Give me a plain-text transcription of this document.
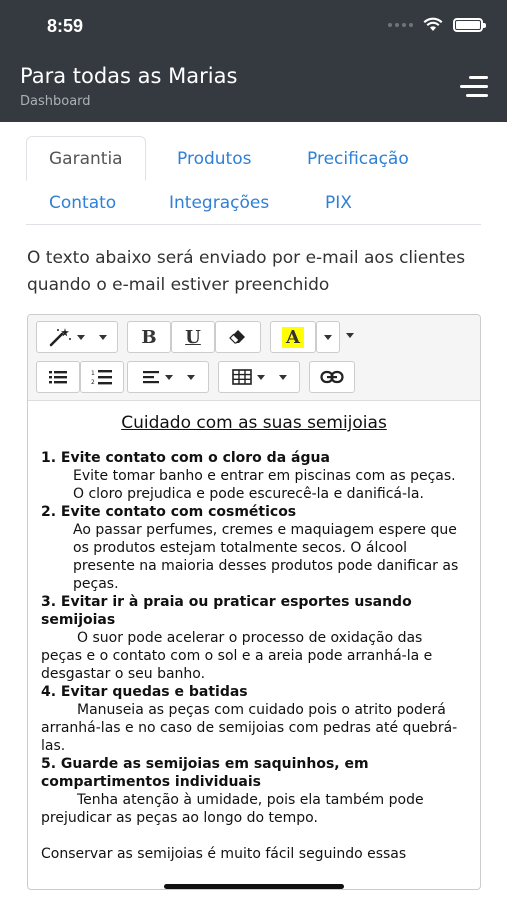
8:59
Para todas as Marias
Dashboard
Garantia	Produtos	Precificação
Contato	Integrações	PIX
O texto abaixo será enviado por e-mail aos clientes quando o e-mail estiver preenchido
B	U	A
1
2
Cuidado com as suas semijoias
1. Evite contato com o cloro da água
Evite tomar banho e entrar em piscinas com as peças. O cloro prejudica e pode escurecê-la e danificá-la.
2. Evite contato com cosméticos
Ao passar perfumes, cremes e maquiagem espere que os produtos estejam totalmente secos. O álcool presente na maioria desses produtos pode danificar as peças.
3. Evitar ir à praia ou praticar esportes usando semijoias
O suor pode acelerar o processo de oxidação das peças e o contato com o sol e a areia pode arranhá-la e desgastar o seu banho.
4. Evitar quedas e batidas
Manuseia as peças com cuidado pois o atrito poderá arranhá-las e no caso de semijoias com pedras até quebrá-las.
5. Guarde as semijoias em saquinhos, em compartimentos individuais
Tenha atenção à umidade, pois ela também pode prejudicar as peças ao longo do tempo.
Conservar as semijoias é muito fácil seguindo essas
